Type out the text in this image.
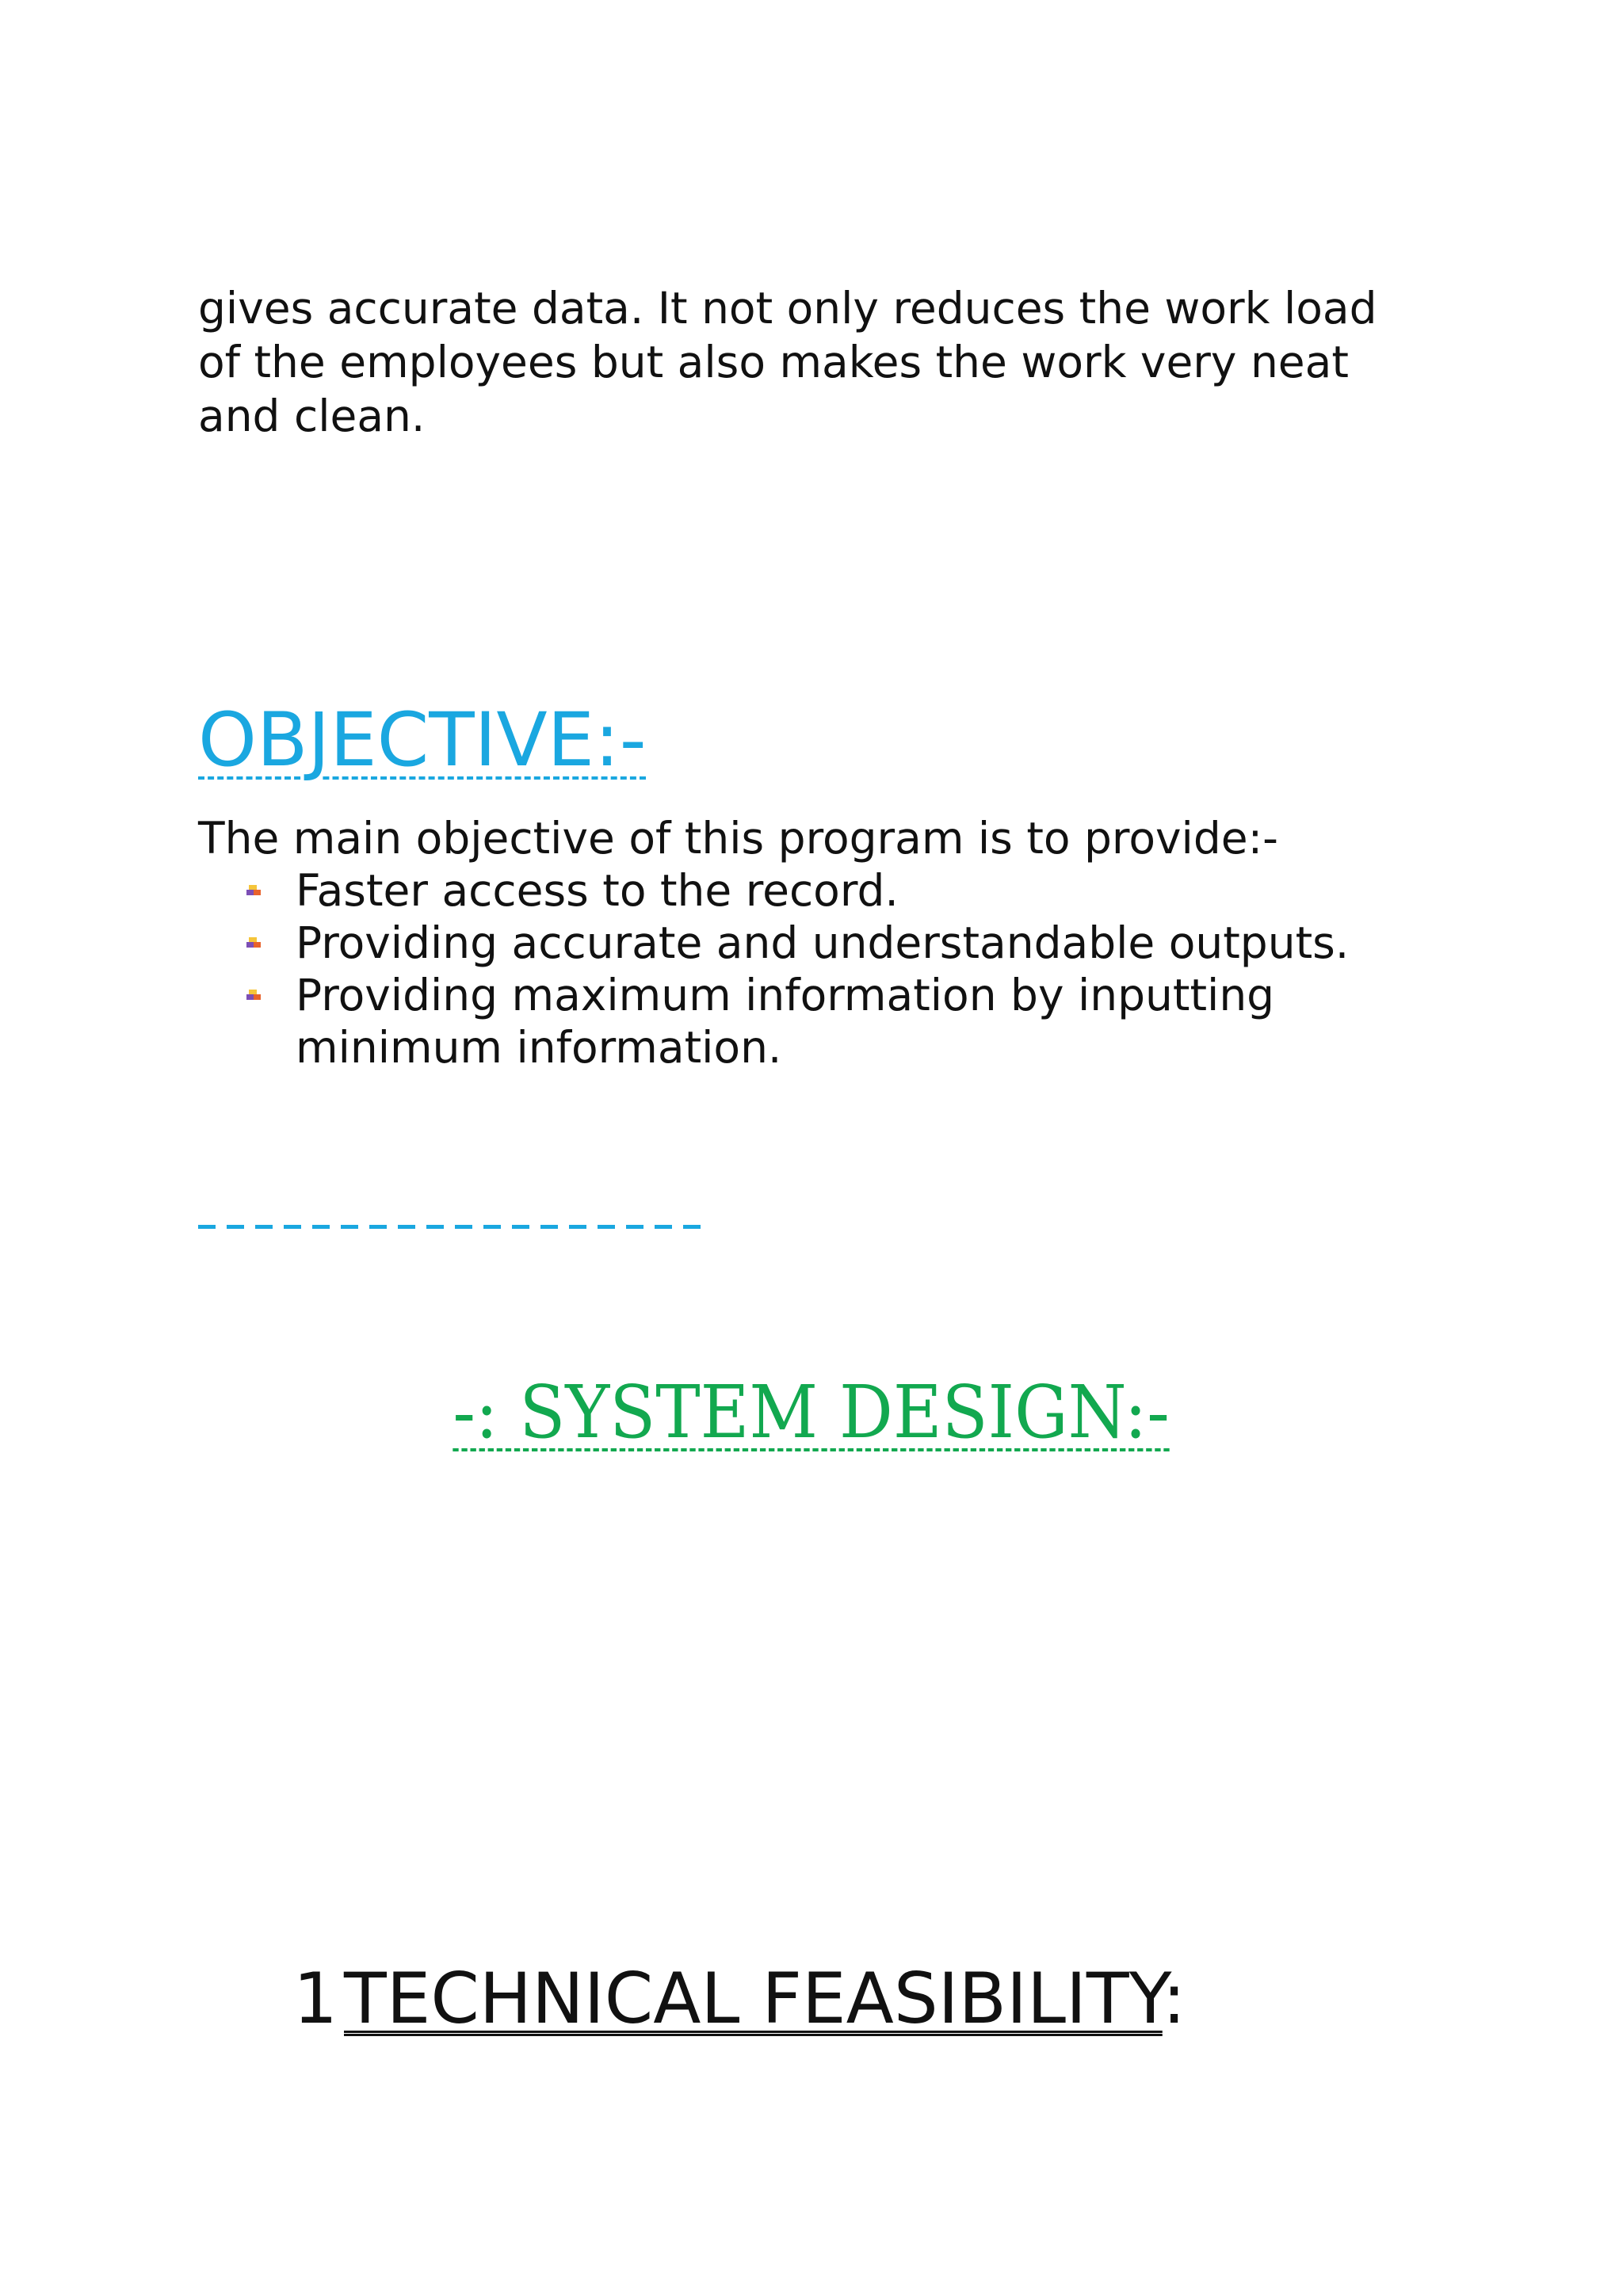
gives accurate data. It not only reduces the work load

of the employees but also makes the work very neat

and clean.

OBJECTIVE:-

The main objective of this program is to provide:-

Faster access to the record.
Providing accurate and understandable outputs.
Providing maximum information by inputting
minimum information.
-: SYSTEM DESIGN:-
1TECHNICAL FEASIBILITY:
